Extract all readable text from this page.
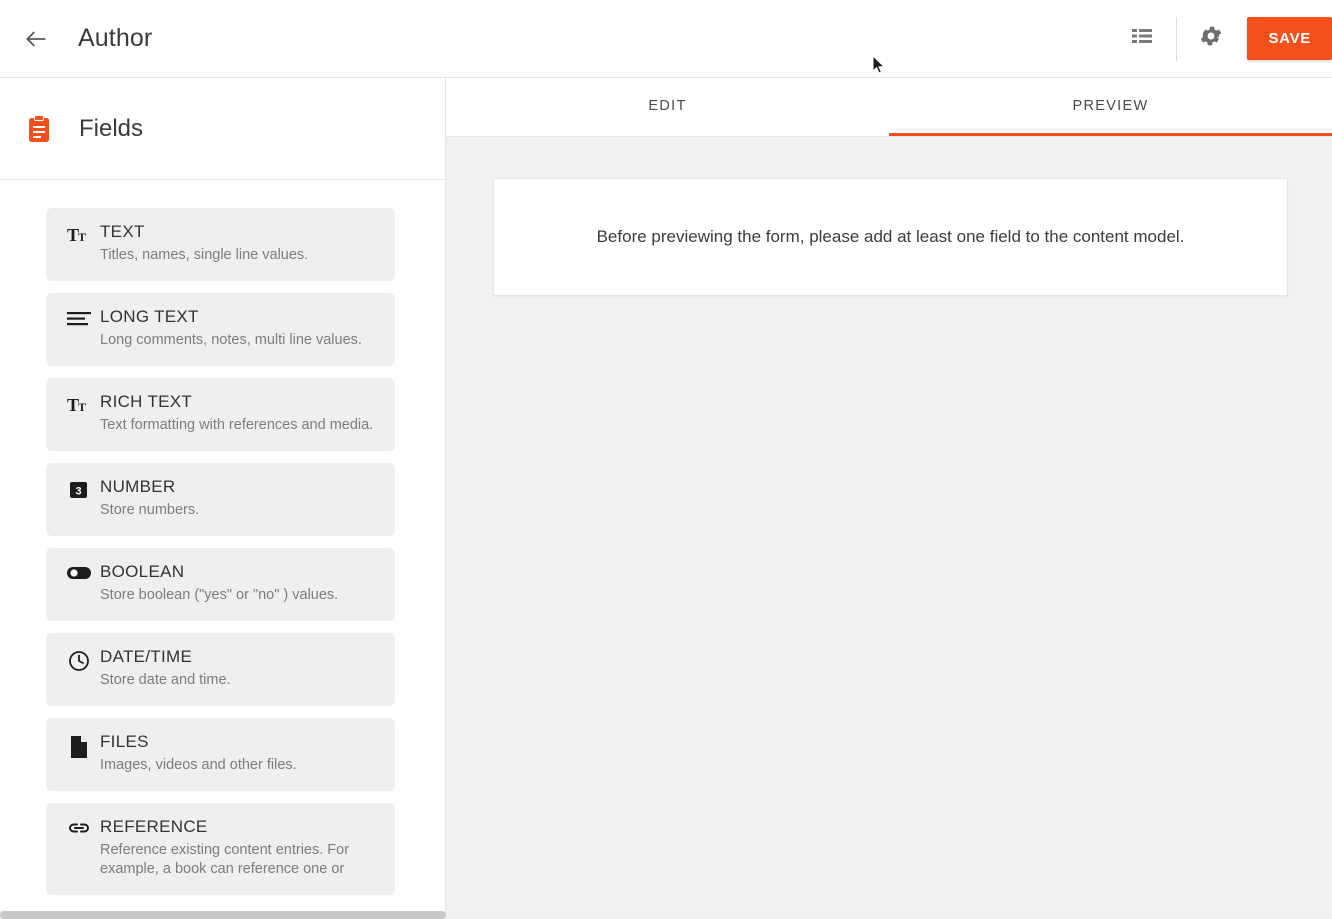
Author	SAVE
Fields
T
T TEXT
Titles, names, single line values.
LONG TEXT
Long comments, notes, multi line values.
T
T RICH TEXT
Text formatting with references and media.
3 NUMBER
Store numbers.
BOOLEAN
Store boolean ("yes" or "no" ) values.
DATE/TIME
Store date and time.
FILES
Images, videos and other files.
REFERENCE
Reference existing content entries. For example, a book can reference one or
EDIT	PREVIEW
Before previewing the form, please add at least one field to the content model.
